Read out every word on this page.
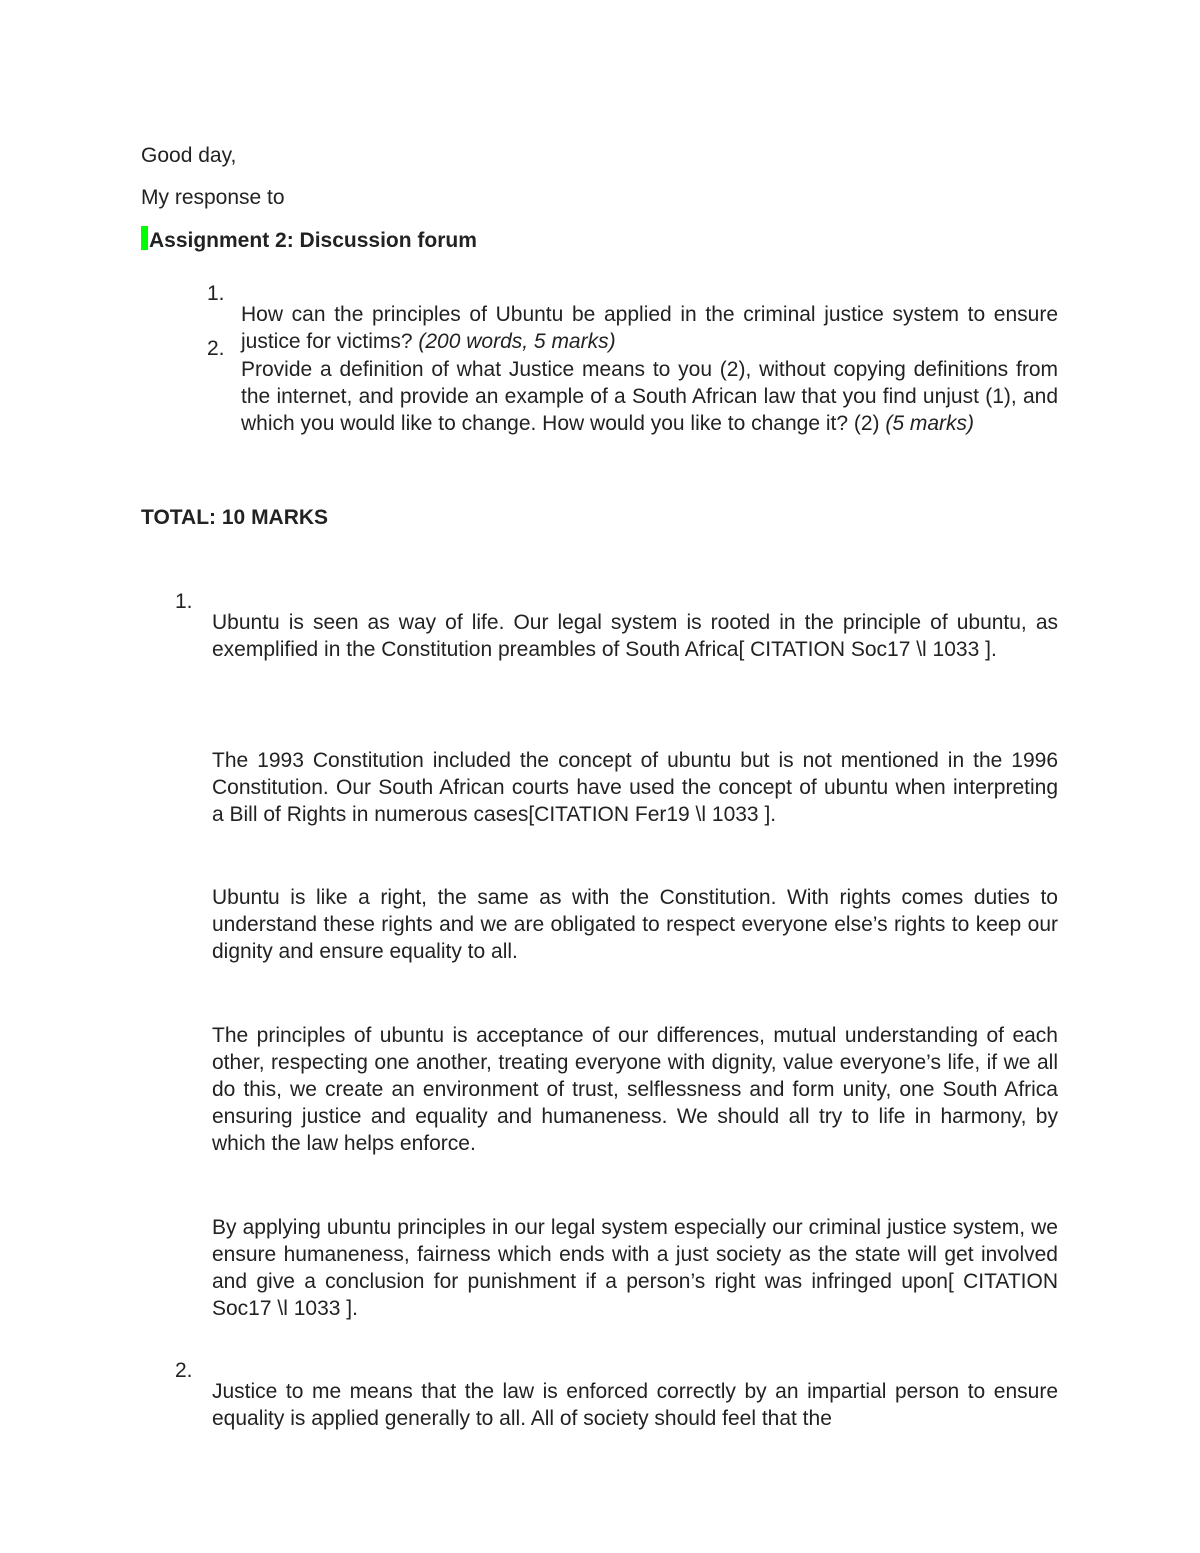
Good day,

My response to

Assignment 2: Discussion forum

1.

How can the principles of Ubuntu be applied in the criminal justice system to ensure justice for victims? (200 words, 5 marks)

2.

Provide a definition of what Justice means to you (2), without copying definitions from the internet, and provide an example of a South African law that you find unjust (1), and which you would like to change. How would you like to change it? (2) (5 marks)

TOTAL: 10 MARKS

1.

Ubuntu is seen as way of life. Our legal system is rooted in the principle of ubuntu, as exemplified in the Constitution preambles of South Africa[ CITATION Soc17 \l 1033 ].

The 1993 Constitution included the concept of ubuntu but is not mentioned in the 1996 Constitution. Our South African courts have used the concept of ubuntu when interpreting a Bill of Rights in numerous cases[CITATION Fer19 \l 1033 ].

Ubuntu is like a right, the same as with the Constitution. With rights comes duties to understand these rights and we are obligated to respect everyone else’s rights to keep our dignity and ensure equality to all.

The principles of ubuntu is acceptance of our differences, mutual understanding of each other, respecting one another, treating everyone with dignity, value everyone’s life, if we all do this, we create an environment of trust, selflessness and form unity, one South Africa ensuring justice and equality and humaneness. We should all try to life in harmony, by which the law helps enforce.

By applying ubuntu principles in our legal system especially our criminal justice system, we ensure humaneness, fairness which ends with a just society as the state will get involved and give a conclusion for punishment if a person’s right was infringed upon[ CITATION Soc17 \l 1033 ].

2.

Justice to me means that the law is enforced correctly by an impartial person to ensure equality is applied generally to all. All of society should feel that the
